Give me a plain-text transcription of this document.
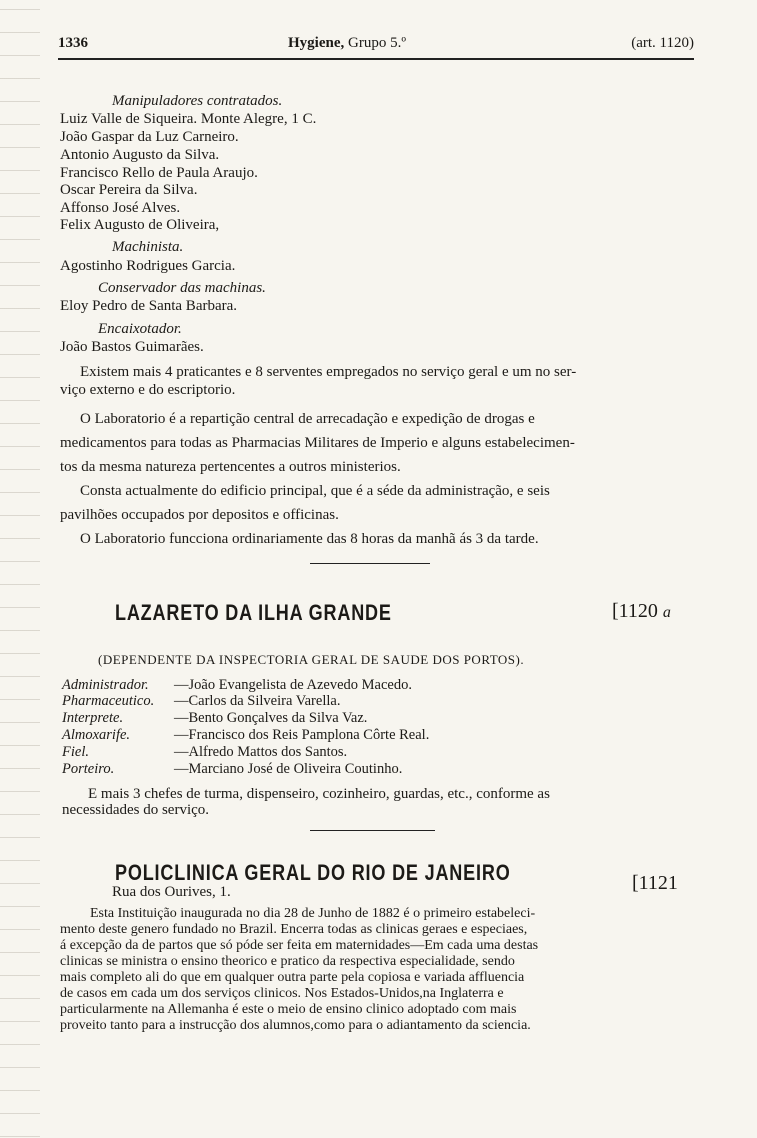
1336	Hygiene, Grupo 5.º	(art. 1120)
Manipuladores contratados.
Luiz Valle de Siqueira. Monte Alegre, 1 C.
João Gaspar da Luz Carneiro.
Antonio Augusto da Silva.
Francisco Rello de Paula Araujo.
Oscar Pereira da Silva.
Affonso José Alves.
Felix Augusto de Oliveira,
Machinista.
Agostinho Rodrigues Garcia.
Conservador das machinas.
Eloy Pedro de Santa Barbara.
Encaixotador.
João Bastos Guimarães.
Existem mais 4 praticantes e 8 serventes empregados no serviço geral e um no ser-
viço externo e do escriptorio.
O Laboratorio é a repartição central de arrecadação e expedição de drogas e
medicamentos para todas as Pharmacias Militares de Imperio e alguns estabelecimen-
tos da mesma natureza pertencentes a outros ministerios.
Consta actualmente do edificio principal, que é a séde da administração, e seis
pavilhões occupados por depositos e officinas.
O Laboratorio funcciona ordinariamente das 8 horas da manhã ás 3 da tarde.
LAZARETO DA ILHA GRANDE	[1120 a
(DEPENDENTE DA INSPECTORIA GERAL DE SAUDE DOS PORTOS).
Administrador. —João Evangelista de Azevedo Macedo.
Pharmaceutico. —Carlos da Silveira Varella.
Interprete.	—Bento Gonçalves da Silva Vaz.
Almoxarife.	—Francisco dos Reis Pamplona Côrte Real.
Fiel.	—Alfredo Mattos dos Santos.
Porteiro.	—Marciano José de Oliveira Coutinho.
E mais 3 chefes de turma, dispenseiro, cozinheiro, guardas, etc., conforme as
necessidades do serviço.
POLICLINICA GERAL DO RIO DE JANEIRO	[1121
Rua dos Ourives, 1.
Esta Instituição inaugurada no dia 28 de Junho de 1882 é o primeiro estabeleci-
mento deste genero fundado no Brazil. Encerra todas as clinicas geraes e especiaes,
á excepção da de partos que só póde ser feita em maternidades—Em cada uma destas
clinicas se ministra o ensino theorico e pratico da respectiva especialidade, sendo
mais completo ali do que em qualquer outra parte pela copiosa e variada affluencia
de casos em cada um dos serviços clinicos. Nos Estados-Unidos,na Inglaterra e
particularmente na Allemanha é este o meio de ensino clinico adoptado com mais
proveito tanto para a instrucção dos alumnos,como para o adiantamento da sciencia.
